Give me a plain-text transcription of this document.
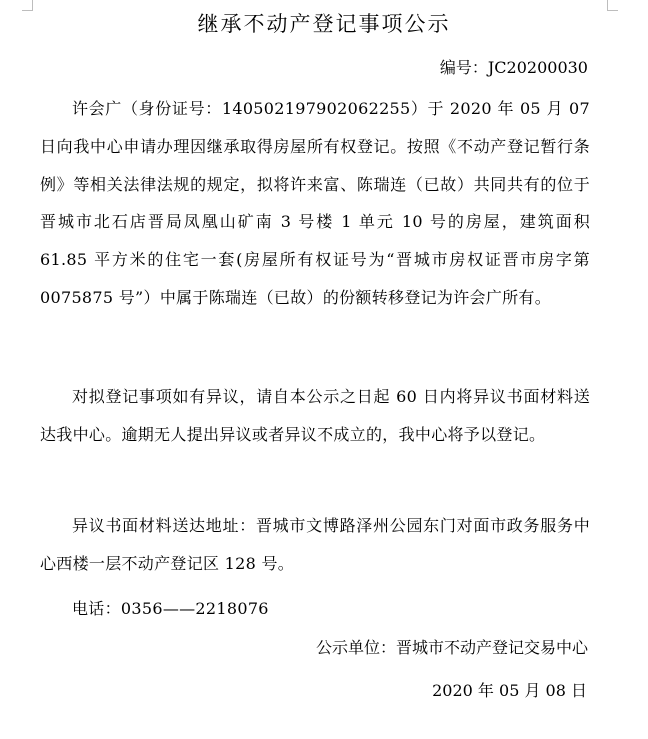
继承不动产登记事项公示
编号：JC20200030

许会广（身份证号：140502197902062255）于 2020 年 05 月 07 日向我中心申请办理因继承取得房屋所有权登记。按照《不动产登记暂行条例》等相关法律法规的规定，拟将许来富、陈瑞连（已故）共同共有的位于晋城市北石店晋局凤凰山矿南 3 号楼 1 单元 10 号的房屋，建筑面积 61.85 平方米的住宅一套(房屋所有权证号为“晋城市房权证晋市房字第 0075875 号”）中属于陈瑞连（已故）的份额转移登记为许会广所有。

对拟登记事项如有异议，请自本公示之日起 60 日内将异议书面材料送达我中心。逾期无人提出异议或者异议不成立的，我中心将予以登记。

异议书面材料送达地址：晋城市文博路泽州公园东门对面市政务服务中心西楼一层不动产登记区 128 号。

电话：0356——2218076

公示单位：晋城市不动产登记交易中心
2020 年 05 月 08 日
